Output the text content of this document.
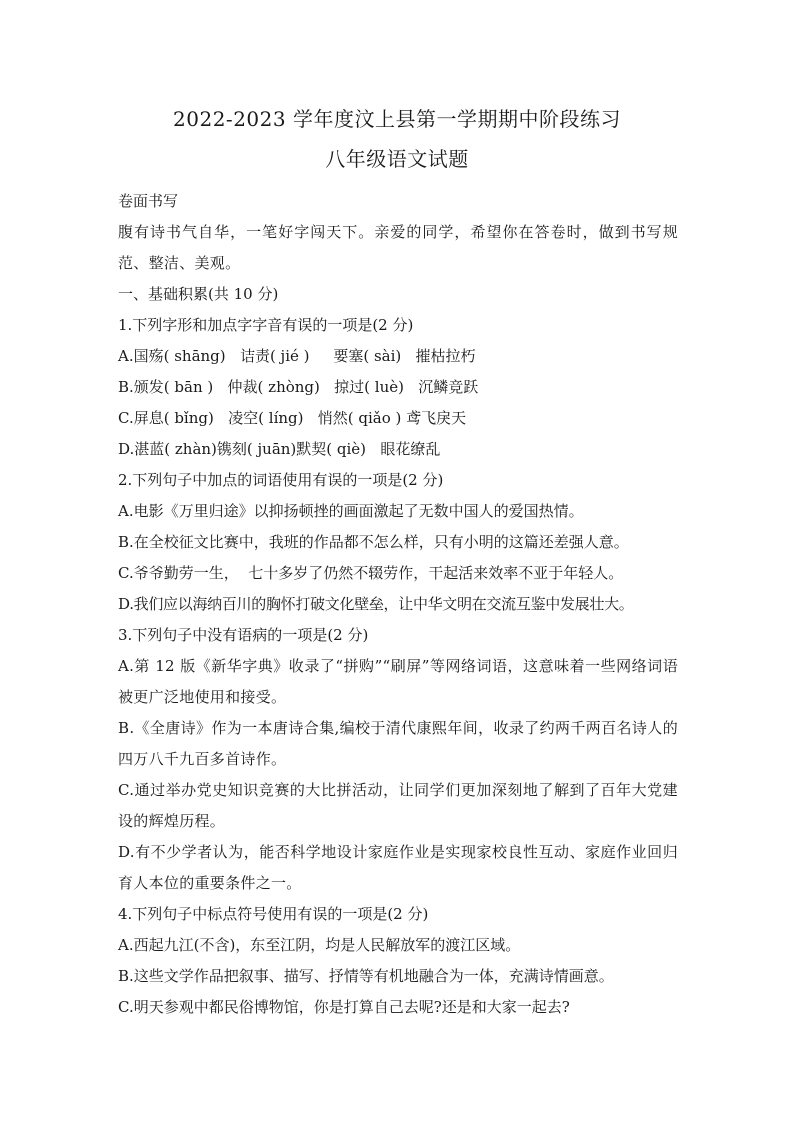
2022-2023 学年度汶上县第一学期期中阶段练习
八年级语文试题

卷面书写

腹有诗书气自华，一笔好字闯天下。亲爱的同学，希望你在答卷时，做到书写规范、整洁、美观。

一、基础积累(共 10 分)

1.下列字形和加点字字音有误的一项是(2 分)

A.国殇( shāng)   诘责( jié )     要塞( sài)   摧枯拉朽

B.颁发( bān )   仲裁( zhòng)   掠过( luè)   沉鳞竞跃

C.屏息( bǐng)   凌空( líng)   悄然( qiǎo ) 鸢飞戾天

D.湛蓝( zhàn)镌刻( juān)默契( qiè)   眼花缭乱

2.下列句子中加点的词语使用有误的一项是(2 分)

A.电影《万里归途》以抑扬顿挫的画面激起了无数中国人的爱国热情。

B.在全校征文比赛中，我班的作品都不怎么样，只有小明的这篇还差强人意。

C.爷爷勤劳一生，  七十多岁了仍然不辍劳作，干起活来效率不亚于年轻人。

D.我们应以海纳百川的胸怀打破文化壁垒，让中华文明在交流互鉴中发展壮大。

3.下列句子中没有语病的一项是(2 分)

A.第 12 版《新华字典》收录了“拼购”“刷屏”等网络词语，这意味着一些网络词语被更广泛地使用和接受。

B.《全唐诗》作为一本唐诗合集,编校于清代康熙年间，收录了约两千两百名诗人的四万八千九百多首诗作。

C.通过举办党史知识竞赛的大比拼活动，让同学们更加深刻地了解到了百年大党建设的辉煌历程。

D.有不少学者认为，能否科学地设计家庭作业是实现家校良性互动、家庭作业回归育人本位的重要条件之一。

4.下列句子中标点符号使用有误的一项是(2 分)

A.西起九江(不含)，东至江阴，均是人民解放军的渡江区域。

B.这些文学作品把叙事、描写、抒情等有机地融合为一体，充满诗情画意。

C.明天参观中都民俗博物馆，你是打算自己去呢?还是和大家一起去?
